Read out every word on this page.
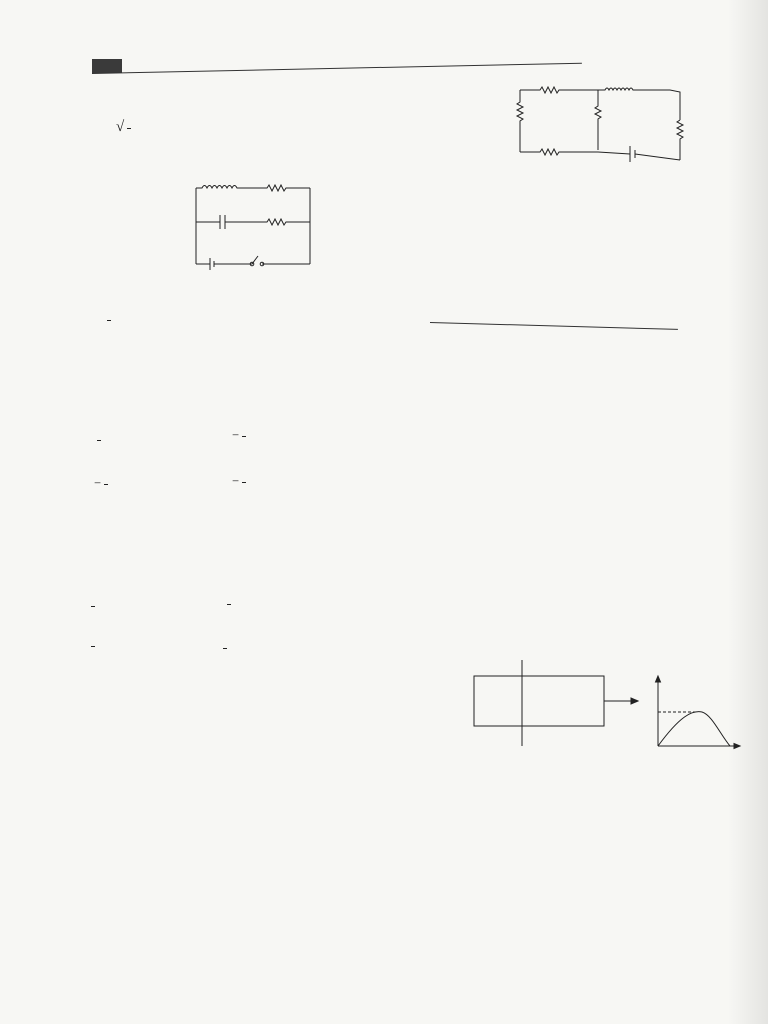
√

−
−	−
